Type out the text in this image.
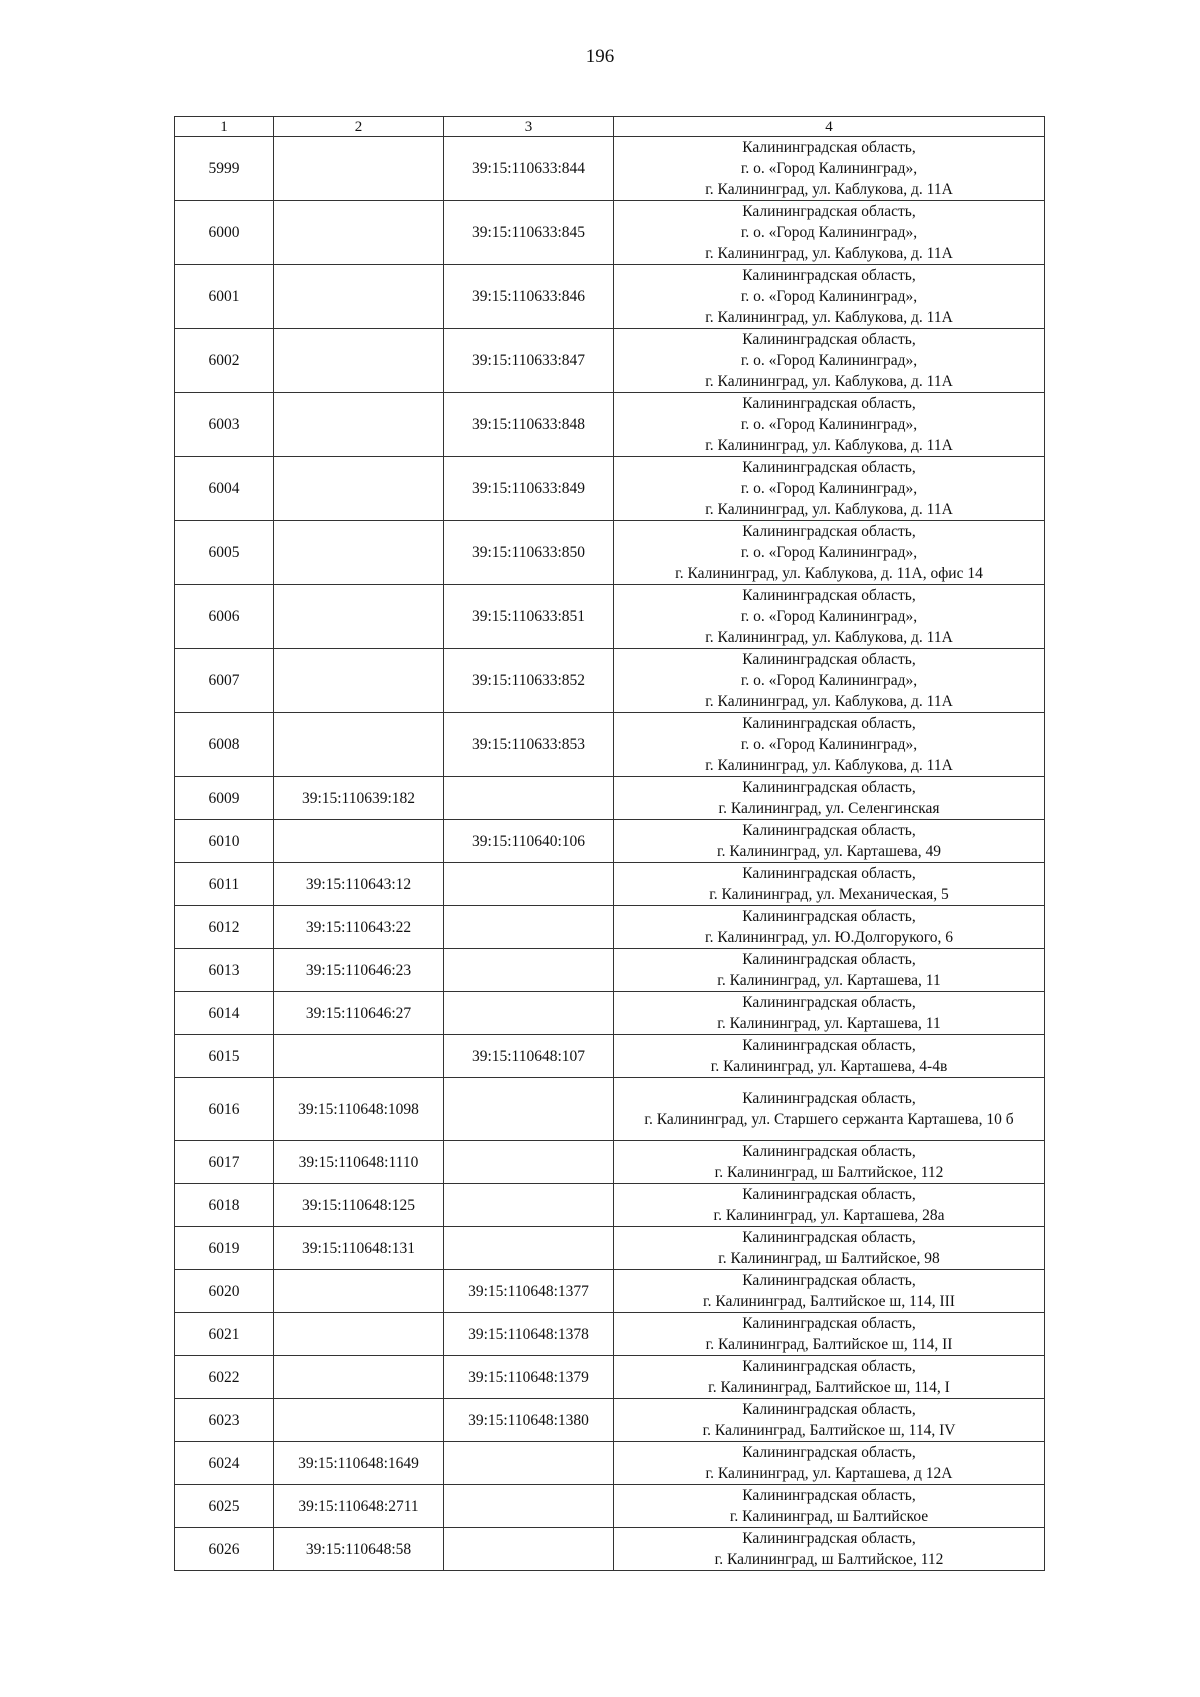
196
1	2	3	4
5999		39:15:110633:844	Калининградская область,
г. о. «Город Калининград»,
г. Калининград, ул. Каблукова, д. 11А

6000		39:15:110633:845	Калининградская область,
г. о. «Город Калининград»,
г. Калининград, ул. Каблукова, д. 11А

6001		39:15:110633:846	Калининградская область,
г. о. «Город Калининград»,
г. Калининград, ул. Каблукова, д. 11А

6002		39:15:110633:847	Калининградская область,
г. о. «Город Калининград»,
г. Калининград, ул. Каблукова, д. 11А

6003		39:15:110633:848	Калининградская область,
г. о. «Город Калининград»,
г. Калининград, ул. Каблукова, д. 11А

6004		39:15:110633:849	Калининградская область,
г. о. «Город Калининград»,
г. Калининград, ул. Каблукова, д. 11А

6005		39:15:110633:850	Калининградская область,
г. о. «Город Калининград»,
г. Калининград, ул. Каблукова, д. 11А, офис 14

6006		39:15:110633:851	Калининградская область,
г. о. «Город Калининград»,
г. Калининград, ул. Каблукова, д. 11А

6007		39:15:110633:852	Калининградская область,
г. о. «Город Калининград»,
г. Калининград, ул. Каблукова, д. 11А

6008		39:15:110633:853	Калининградская область,
г. о. «Город Калининград»,
г. Калининград, ул. Каблукова, д. 11А

6009	39:15:110639:182		Калининградская область,
г. Калининград, ул. Селенгинская

6010		39:15:110640:106	Калининградская область,
г. Калининград, ул. Карташева, 49

6011	39:15:110643:12		Калининградская область,
г. Калининград, ул. Механическая, 5

6012	39:15:110643:22		Калининградская область,
г. Калининград, ул. Ю.Долгорукого, 6

6013	39:15:110646:23		Калининградская область,
г. Калининград, ул. Карташева, 11

6014	39:15:110646:27		Калининградская область,
г. Калининград, ул. Карташева, 11

6015		39:15:110648:107	Калининградская область,
г. Калининград, ул. Карташева, 4-4в

6016	39:15:110648:1098		Калининградская область,
г. Калининград, ул. Старшего сержанта Карташева, 10 б

6017	39:15:110648:1110		Калининградская область,
г. Калининград, ш Балтийское, 112

6018	39:15:110648:125		Калининградская область,
г. Калининград, ул. Карташева, 28а

6019	39:15:110648:131		Калининградская область,
г. Калининград, ш Балтийское, 98

6020		39:15:110648:1377	Калининградская область,
г. Калининград, Балтийское ш, 114, III

6021		39:15:110648:1378	Калининградская область,
г. Калининград, Балтийское ш, 114, II

6022		39:15:110648:1379	Калининградская область,
г. Калининград, Балтийское ш, 114, I

6023		39:15:110648:1380	Калининградская область,
г. Калининград, Балтийское ш, 114, IV

6024	39:15:110648:1649		Калининградская область,
г. Калининград, ул. Карташева, д 12А

6025	39:15:110648:2711		Калининградская область,
г. Калининград, ш Балтийское

6026	39:15:110648:58		Калининградская область,
г. Калининград, ш Балтийское, 112
